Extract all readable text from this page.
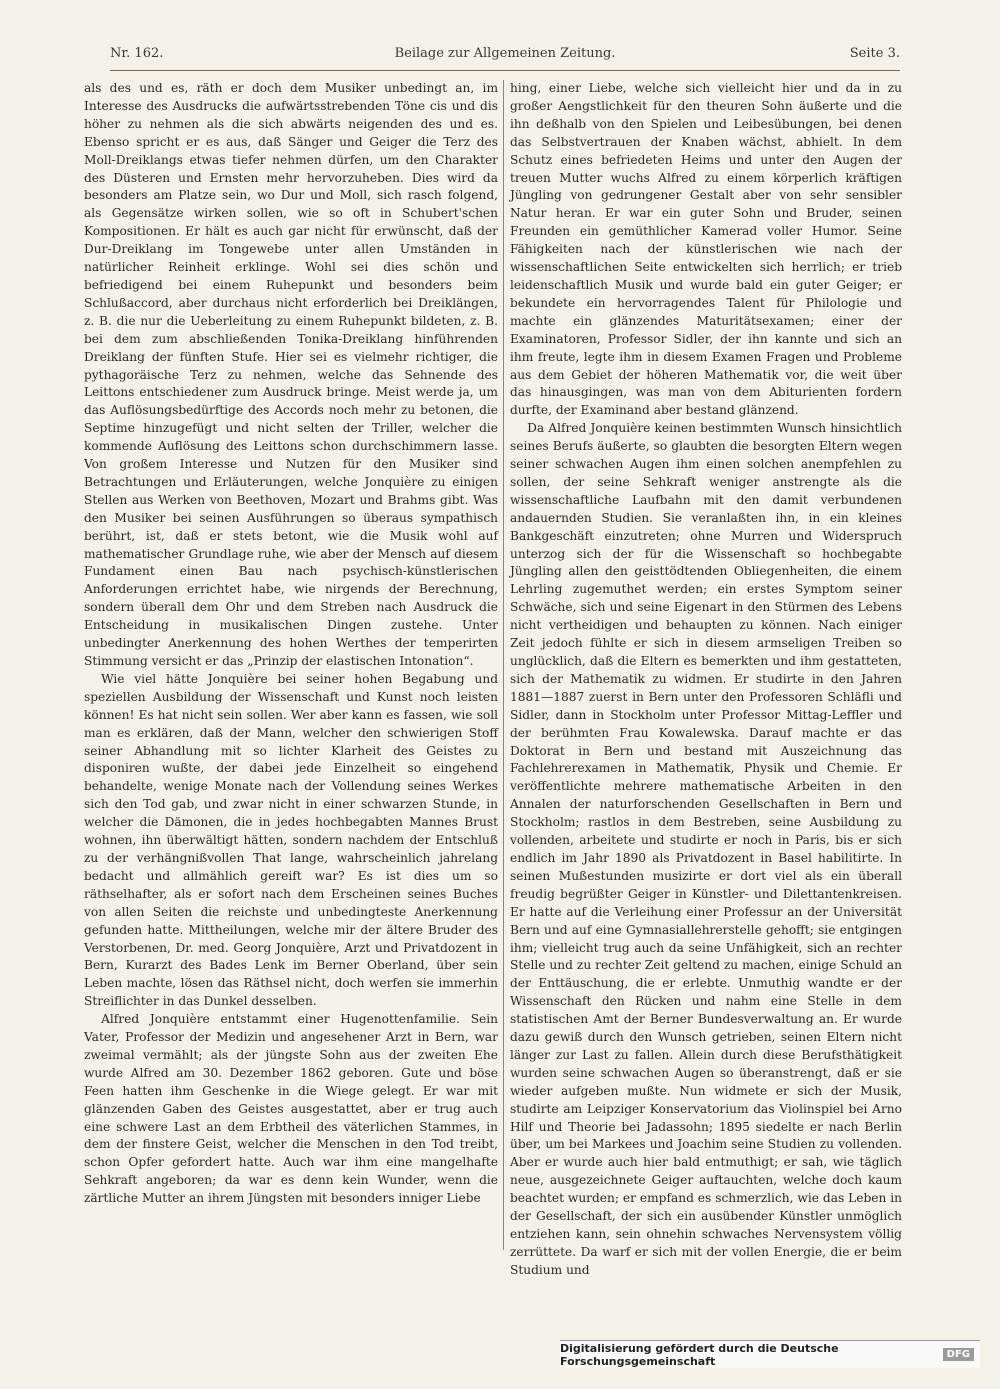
Nr. 162.	Beilage zur Allgemeinen Zeitung.	Seite 3.

als des und es, räth er doch dem Musiker unbedingt an, im Interesse des Ausdrucks die aufwärtsstrebenden Töne cis und dis höher zu nehmen als die sich abwärts neigenden des und es. Ebenso spricht er es aus, daß Sänger und Geiger die Terz des Moll-Dreiklangs etwas tiefer nehmen dürfen, um den Charakter des Düsteren und Ernsten mehr hervorzuheben. Dies wird da besonders am Platze sein, wo Dur und Moll, sich rasch folgend, als Gegensätze wirken sollen, wie so oft in Schubert'schen Kompositionen. Er hält es auch gar nicht für erwünscht, daß der Dur-Dreiklang im Tongewebe unter allen Umständen in natürlicher Reinheit erklinge. Wohl sei dies schön und befriedigend bei einem Ruhepunkt und besonders beim Schlußaccord, aber durchaus nicht erforderlich bei Dreiklängen, z. B. die nur die Ueberleitung zu einem Ruhepunkt bildeten, z. B. bei dem zum abschließenden Tonika-Dreiklang hinführenden Dreiklang der fünften Stufe. Hier sei es vielmehr richtiger, die pythagoräische Terz zu nehmen, welche das Sehnende des Leittons entschiedener zum Ausdruck bringe. Meist werde ja, um das Auflösungsbedürftige des Accords noch mehr zu betonen, die Septime hinzugefügt und nicht selten der Triller, welcher die kommende Auflösung des Leittons schon durchschimmern lasse. Von großem Interesse und Nutzen für den Musiker sind Betrachtungen und Erläuterungen, welche Jonquière zu einigen Stellen aus Werken von Beethoven, Mozart und Brahms gibt. Was den Musiker bei seinen Ausführungen so überaus sympathisch berührt, ist, daß er stets betont, wie die Musik wohl auf mathematischer Grundlage ruhe, wie aber der Mensch auf diesem Fundament einen Bau nach psychisch-künstlerischen Anforderungen errichtet habe, wie nirgends der Berechnung, sondern überall dem Ohr und dem Streben nach Ausdruck die Entscheidung in musikalischen Dingen zustehe. Unter unbedingter Anerkennung des hohen Werthes der temperirten Stimmung versicht er das „Prinzip der elastischen Intonation“.

Wie viel hätte Jonquière bei seiner hohen Begabung und speziellen Ausbildung der Wissenschaft und Kunst noch leisten können! Es hat nicht sein sollen. Wer aber kann es fassen, wie soll man es erklären, daß der Mann, welcher den schwierigen Stoff seiner Abhandlung mit so lichter Klarheit des Geistes zu disponiren wußte, der dabei jede Einzelheit so eingehend behandelte, wenige Monate nach der Vollendung seines Werkes sich den Tod gab, und zwar nicht in einer schwarzen Stunde, in welcher die Dämonen, die in jedes hochbegabten Mannes Brust wohnen, ihn überwältigt hätten, sondern nachdem der Entschluß zu der verhängnißvollen That lange, wahrscheinlich jahrelang bedacht und allmählich gereift war? Es ist dies um so räthselhafter, als er sofort nach dem Erscheinen seines Buches von allen Seiten die reichste und unbedingteste Anerkennung gefunden hatte. Mittheilungen, welche mir der ältere Bruder des Verstorbenen, Dr. med. Georg Jonquière, Arzt und Privatdozent in Bern, Kurarzt des Bades Lenk im Berner Oberland, über sein Leben machte, lösen das Räthsel nicht, doch werfen sie immerhin Streiflichter in das Dunkel desselben.

Alfred Jonquière entstammt einer Hugenottenfamilie. Sein Vater, Professor der Medizin und angesehener Arzt in Bern, war zweimal vermählt; als der jüngste Sohn aus der zweiten Ehe wurde Alfred am 30. Dezember 1862 geboren. Gute und böse Feen hatten ihm Geschenke in die Wiege gelegt. Er war mit glänzenden Gaben des Geistes ausgestattet, aber er trug auch eine schwere Last an dem Erbtheil des väterlichen Stammes, in dem der finstere Geist, welcher die Menschen in den Tod treibt, schon Opfer gefordert hatte. Auch war ihm eine mangelhafte Sehkraft angeboren; da war es denn kein Wunder, wenn die zärtliche Mutter an ihrem Jüngsten mit besonders inniger Liebe

hing, einer Liebe, welche sich vielleicht hier und da in zu großer Aengstlichkeit für den theuren Sohn äußerte und die ihn deßhalb von den Spielen und Leibesübungen, bei denen das Selbstvertrauen der Knaben wächst, abhielt. In dem Schutz eines befriedeten Heims und unter den Augen der treuen Mutter wuchs Alfred zu einem körperlich kräftigen Jüngling von gedrungener Gestalt aber von sehr sensibler Natur heran. Er war ein guter Sohn und Bruder, seinen Freunden ein gemüthlicher Kamerad voller Humor. Seine Fähigkeiten nach der künstlerischen wie nach der wissenschaftlichen Seite entwickelten sich herrlich; er trieb leidenschaftlich Musik und wurde bald ein guter Geiger; er bekundete ein hervorragendes Talent für Philologie und machte ein glänzendes Maturitätsexamen; einer der Examinatoren, Professor Sidler, der ihn kannte und sich an ihm freute, legte ihm in diesem Examen Fragen und Probleme aus dem Gebiet der höheren Mathematik vor, die weit über das hinausgingen, was man von dem Abiturienten fordern durfte, der Examinand aber bestand glänzend.

Da Alfred Jonquière keinen bestimmten Wunsch hinsichtlich seines Berufs äußerte, so glaubten die besorgten Eltern wegen seiner schwachen Augen ihm einen solchen anempfehlen zu sollen, der seine Sehkraft weniger anstrengte als die wissenschaftliche Laufbahn mit den damit verbundenen andauernden Studien. Sie veranlaßten ihn, in ein kleines Bankgeschäft einzutreten; ohne Murren und Widerspruch unterzog sich der für die Wissenschaft so hochbegabte Jüngling allen den geisttödtenden Obliegenheiten, die einem Lehrling zugemuthet werden; ein erstes Symptom seiner Schwäche, sich und seine Eigenart in den Stürmen des Lebens nicht vertheidigen und behaupten zu können. Nach einiger Zeit jedoch fühlte er sich in diesem armseligen Treiben so unglücklich, daß die Eltern es bemerkten und ihm gestatteten, sich der Mathematik zu widmen. Er studirte in den Jahren 1881—1887 zuerst in Bern unter den Professoren Schläfli und Sidler, dann in Stockholm unter Professor Mittag-Leffler und der berühmten Frau Kowalewska. Darauf machte er das Doktorat in Bern und bestand mit Auszeichnung das Fachlehrerexamen in Mathematik, Physik und Chemie. Er veröffentlichte mehrere mathematische Arbeiten in den Annalen der naturforschenden Gesellschaften in Bern und Stockholm; rastlos in dem Bestreben, seine Ausbildung zu vollenden, arbeitete und studirte er noch in Paris, bis er sich endlich im Jahr 1890 als Privatdozent in Basel habilitirte. In seinen Mußestunden musizirte er dort viel als ein überall freudig begrüßter Geiger in Künstler- und Dilettantenkreisen. Er hatte auf die Verleihung einer Professur an der Universität Bern und auf eine Gymnasiallehrerstelle gehofft; sie entgingen ihm; vielleicht trug auch da seine Unfähigkeit, sich an rechter Stelle und zu rechter Zeit geltend zu machen, einige Schuld an der Enttäuschung, die er erlebte. Unmuthig wandte er der Wissenschaft den Rücken und nahm eine Stelle in dem statistischen Amt der Berner Bundesverwaltung an. Er wurde dazu gewiß durch den Wunsch getrieben, seinen Eltern nicht länger zur Last zu fallen. Allein durch diese Berufsthätigkeit wurden seine schwachen Augen so überanstrengt, daß er sie wieder aufgeben mußte. Nun widmete er sich der Musik, studirte am Leipziger Konservatorium das Violinspiel bei Arno Hilf und Theorie bei Jadassohn; 1895 siedelte er nach Berlin über, um bei Markees und Joachim seine Studien zu vollenden. Aber er wurde auch hier bald entmuthigt; er sah, wie täglich neue, ausgezeichnete Geiger auftauchten, welche doch kaum beachtet wurden; er empfand es schmerzlich, wie das Leben in der Gesellschaft, der sich ein ausübender Künstler unmöglich entziehen kann, sein ohnehin schwaches Nervensystem völlig zerrüttete. Da warf er sich mit der vollen Energie, die er beim Studium und

Digitalisierung gefördert durch die Deutsche Forschungsgemeinschaft	DFG
